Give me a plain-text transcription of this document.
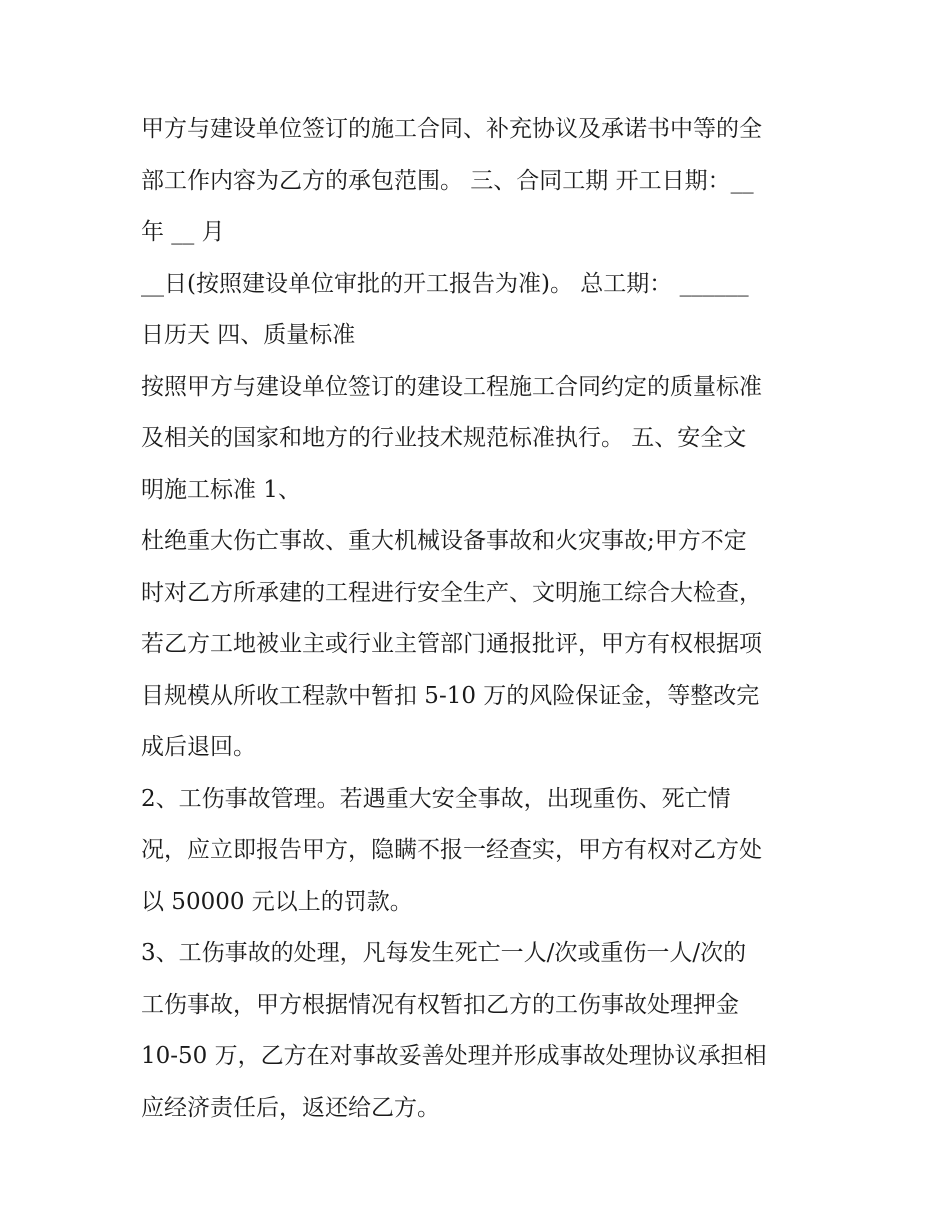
甲方与建设单位签订的施工合同、补充协议及承诺书中等的全
部工作内容为乙方的承包范围。 三、合同工期 开工日期：__
年 __ 月
__日(按照建设单位审批的开工报告为准)。 总工期： ______
日历天 四、质量标准
按照甲方与建设单位签订的建设工程施工合同约定的质量标准
及相关的国家和地方的行业技术规范标准执行。 五、安全文
明施工标准 1、
杜绝重大伤亡事故、重大机械设备事故和火灾事故;甲方不定
时对乙方所承建的工程进行安全生产、文明施工综合大检查，
若乙方工地被业主或行业主管部门通报批评，甲方有权根据项
目规模从所收工程款中暂扣 5-10 万的风险保证金，等整改完
成后退回。
2、工伤事故管理。若遇重大安全事故，出现重伤、死亡情
况，应立即报告甲方，隐瞒不报一经查实，甲方有权对乙方处
以 50000 元以上的罚款。
3、工伤事故的处理，凡每发生死亡一人/次或重伤一人/次的
工伤事故，甲方根据情况有权暂扣乙方的工伤事故处理押金
10-50 万，乙方在对事故妥善处理并形成事故处理协议承担相
应经济责任后，返还给乙方。
